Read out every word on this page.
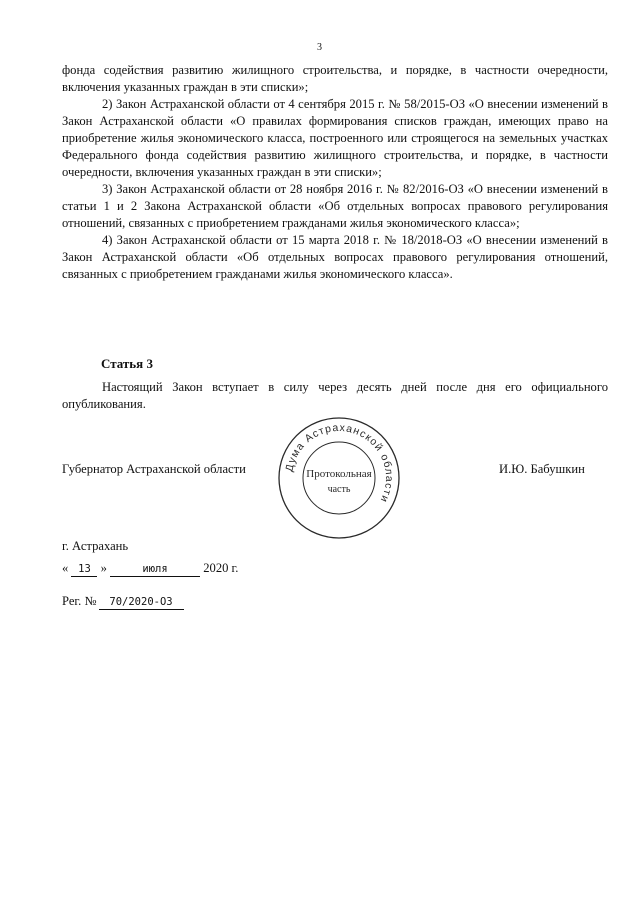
3

фонда содействия развитию жилищного строительства, и порядке, в частности очередности, включения указанных граждан в эти списки»;

2) Закон Астраханской области от 4 сентября 2015 г. № 58/2015-ОЗ «О внесении изменений в Закон Астраханской области «О правилах формирования списков граждан, имеющих право на приобретение жилья экономического класса, построенного или строящегося на земельных участках Федерального фонда содействия развитию жилищного строительства, и порядке, в частности очередности, включения указанных граждан в эти списки»;

3) Закон Астраханской области от 28 ноября 2016 г. № 82/2016-ОЗ «О внесении изменений в статьи 1 и 2 Закона Астраханской области «Об отдельных вопросах правового регулирования отношений, связанных с приобретением гражданами жилья экономического класса»;

4) Закон Астраханской области от 15 марта 2018 г. № 18/2018-ОЗ «О внесении изменений в Закон Астраханской области «Об отдельных вопросах правового регулирования отношений, связанных с приобретением гражданами жилья экономического класса».

Статья 3

Настоящий Закон вступает в силу через десять дней после дня его официального опубликования.

Губернатор Астраханской области	И.Ю. Бабушкин
Дума Астраханской области
Протокольная
часть
г. Астрахань
« 13 »	июля	2020 г.
Рег. № 70/2020-ОЗ
